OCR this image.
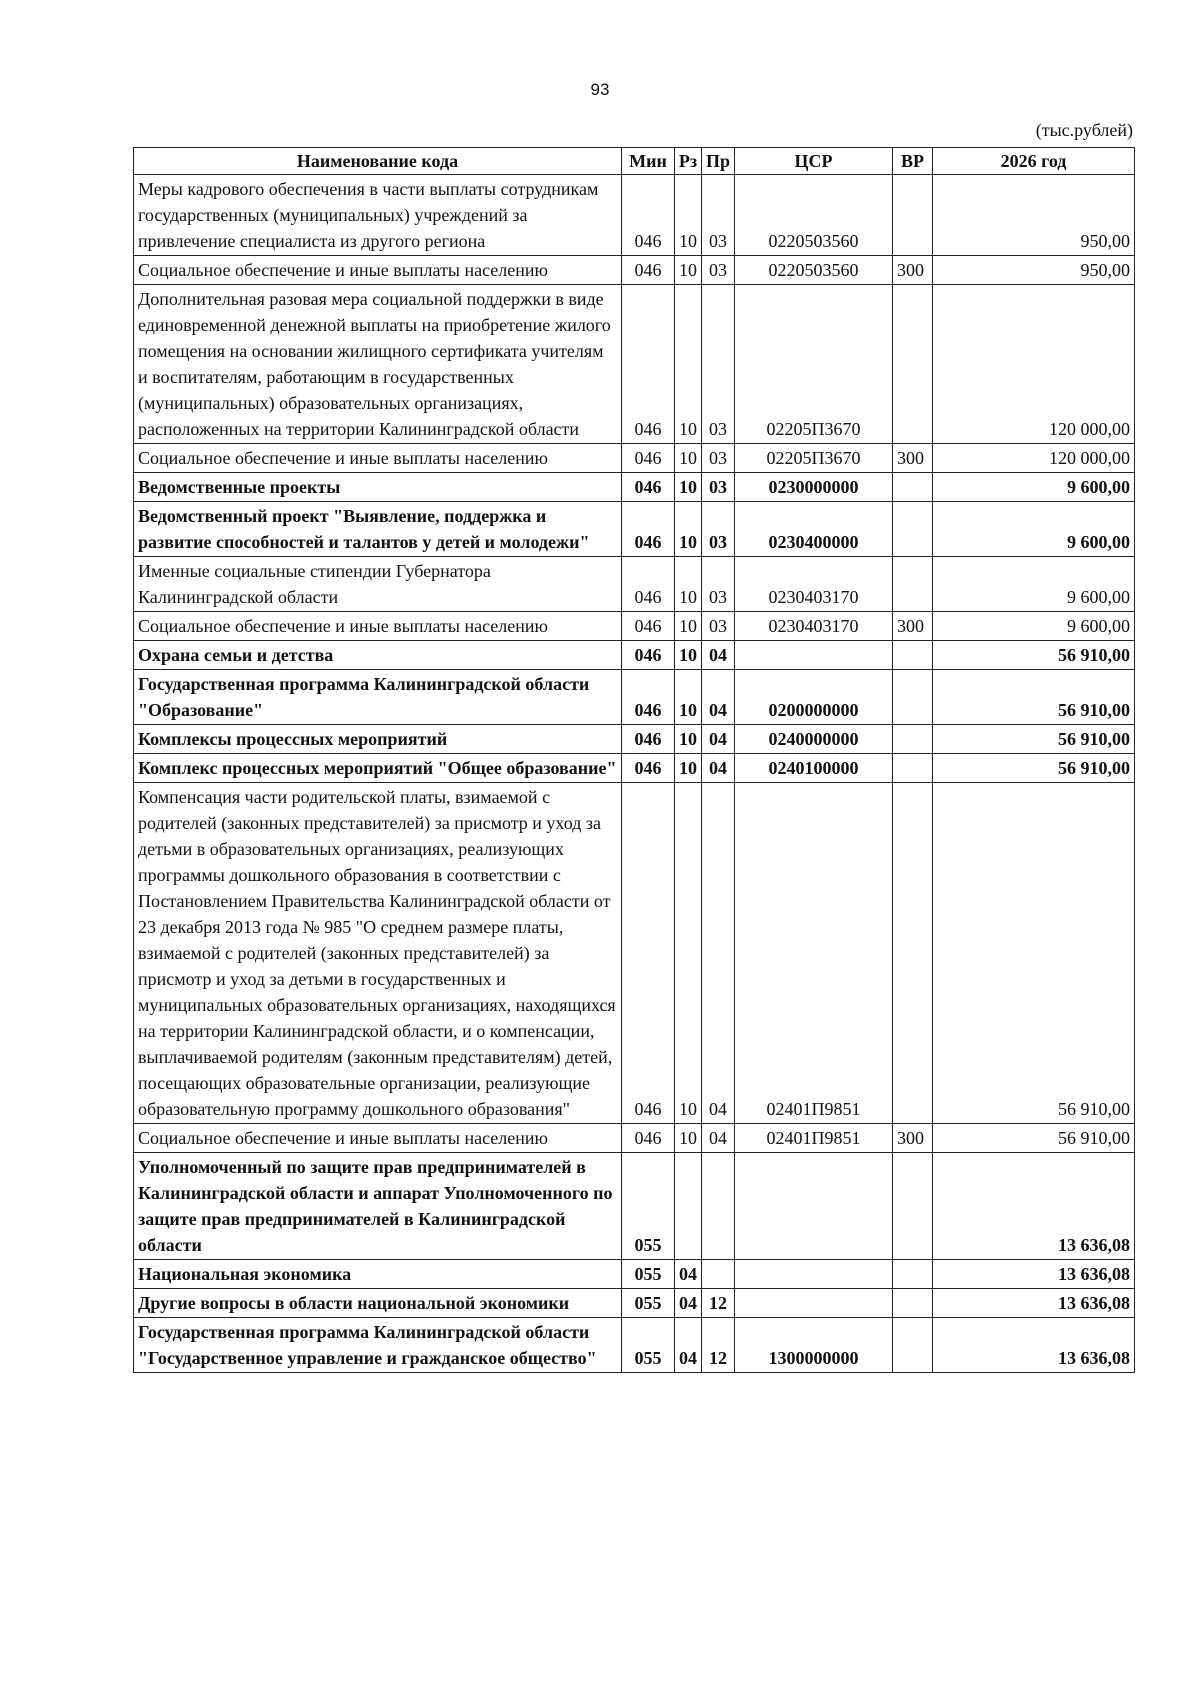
93
(тыс.рублей)
Наименование кода	Мин	Рз	Пр	ЦСР	ВР	2026 год
Меры кадрового обеспечения в части выплаты сотрудникам государственных (муниципальных) учреждений за привлечение специалиста из другого региона	046	10	03	0220503560		950,00
Социальное обеспечение и иные выплаты населению	046	10	03	0220503560	300	950,00
Дополнительная разовая мера социальной поддержки в виде единовременной денежной выплаты на приобретение жилого помещения на основании жилищного сертификата учителям и воспитателям, работающим в государственных (муниципальных) образовательных организациях, расположенных на территории Калининградской области	046	10	03	02205П3670		120 000,00
Социальное обеспечение и иные выплаты населению	046	10	03	02205П3670	300	120 000,00
Ведомственные проекты	046	10	03	0230000000		9 600,00
Ведомственный проект "Выявление, поддержка и развитие способностей и талантов у детей и молодежи"	046	10	03	0230400000		9 600,00
Именные социальные стипендии Губернатора Калининградской области	046	10	03	0230403170		9 600,00
Социальное обеспечение и иные выплаты населению	046	10	03	0230403170	300	9 600,00
Охрана семьи и детства	046	10	04			56 910,00
Государственная программа Калининградской области "Образование"	046	10	04	0200000000		56 910,00
Комплексы процессных мероприятий	046	10	04	0240000000		56 910,00
Комплекс процессных мероприятий "Общее образование"	046	10	04	0240100000		56 910,00
Компенсация части родительской платы, взимаемой с родителей (законных представителей) за присмотр и уход за детьми в образовательных организациях, реализующих программы дошкольного образования в соответствии с Постановлением Правительства Калининградской области от 23 декабря 2013 года № 985 "О среднем размере платы, взимаемой с родителей (законных представителей) за присмотр и уход за детьми в государственных и муниципальных образовательных организациях, находящихся на территории Калининградской области, и о компенсации, выплачиваемой родителям (законным представителям) детей, посещающих образовательные организации, реализующие образовательную программу дошкольного образования"	046	10	04	02401П9851		56 910,00
Социальное обеспечение и иные выплаты населению	046	10	04	02401П9851	300	56 910,00
Уполномоченный по защите прав предпринимателей в Калининградской области и аппарат Уполномоченного по защите прав предпринимателей в Калининградской области	055					13 636,08
Национальная экономика	055	04				13 636,08
Другие вопросы в области национальной экономики	055	04	12			13 636,08
Государственная программа Калининградской области "Государственное управление и гражданское общество"	055	04	12	1300000000		13 636,08
